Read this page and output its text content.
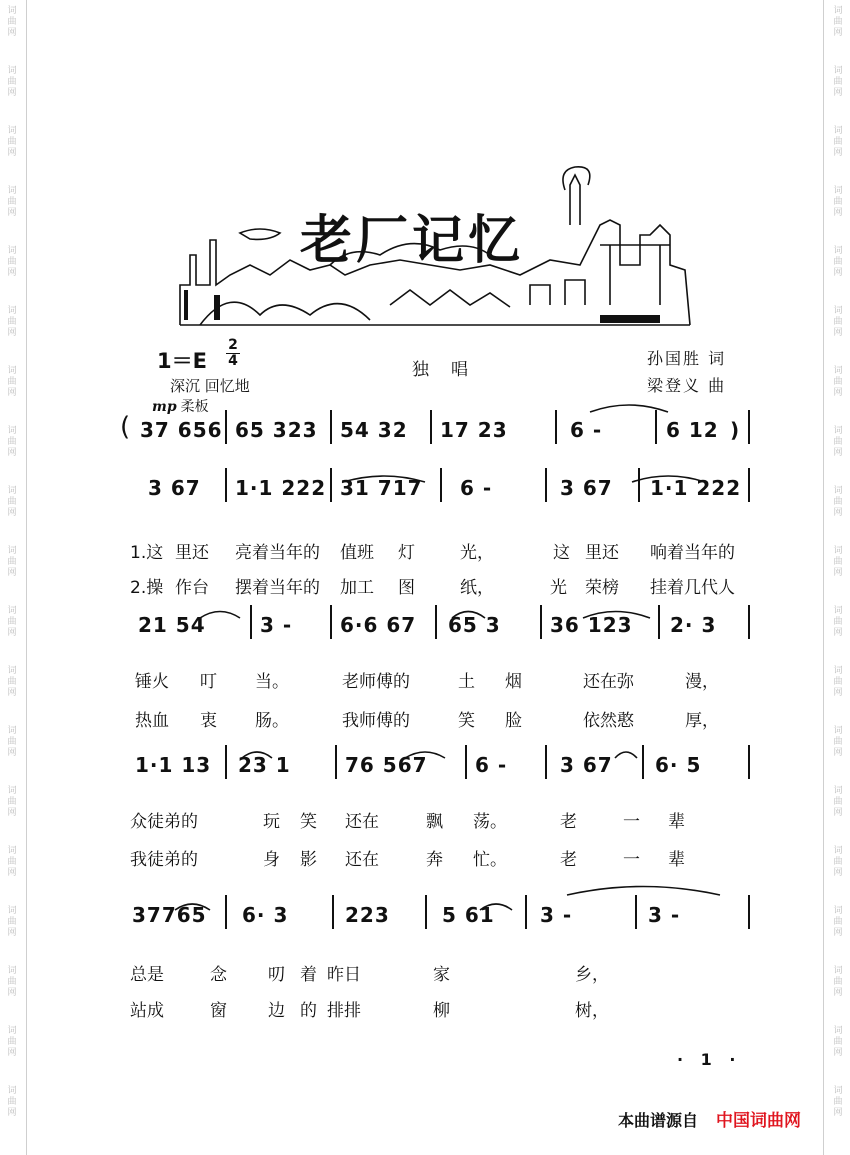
词
曲
网
词
曲
网
词
曲
网
词
曲
网
词
曲
网
词
曲
网
词
曲
网
词
曲
网
词
曲
网
词
曲
网
词
曲
网
词
曲
网
词
曲
网
词
曲
网
词
曲
网
词
曲
网
词
曲
网
词
曲
网
词
曲
网
词
曲
网
词
曲
网
词
曲
网
词
曲
网
词
曲
网
词
曲
网
词
曲
网
词
曲
网
词
曲
网
词
曲
网
词
曲
网
词
曲
网
词
曲
网
词
曲
网
词
曲
网
词
曲
网
词
曲
网
词
曲
网
词
曲
网
老厂记忆
1＝E
2
4
深沉 回忆地
mp 柔板
独唱
孙国胜 词
梁登义 曲
( 37 656 65 323 54 32 17 23	6 -	6 12 )
3 67 1·1 222 31 717 6 -	3 67 1·1 222
21 54	3 - 6·6 67 65 3 36 123 2· 3
1·1 13 23 1	76 567 6 -	3 67 6· 5
37765 6· 3	223	5 61 3 -	3 -
1.这 里还 亮着当年的 值班 灯	光，	这 里还 响着当年的
2.操 作台 摆着当年的 加工 图	纸，	光 荣榜 挂着几代人
锤火 叮 当。	老师傅的	土 烟	还在弥	漫，
热血 衷 肠。	我师傅的	笑 脸	依然憨	厚，
众徒弟的	玩 笑 还在	飘 荡。	老	一 辈
我徒弟的	身 影 还在	奔 忙。	老	一 辈
总是	念 叨 着 昨日	家	乡，
站成	窗 边 的 排排	柳	树，
· 1 ·
本曲谱源自 中国词曲网
